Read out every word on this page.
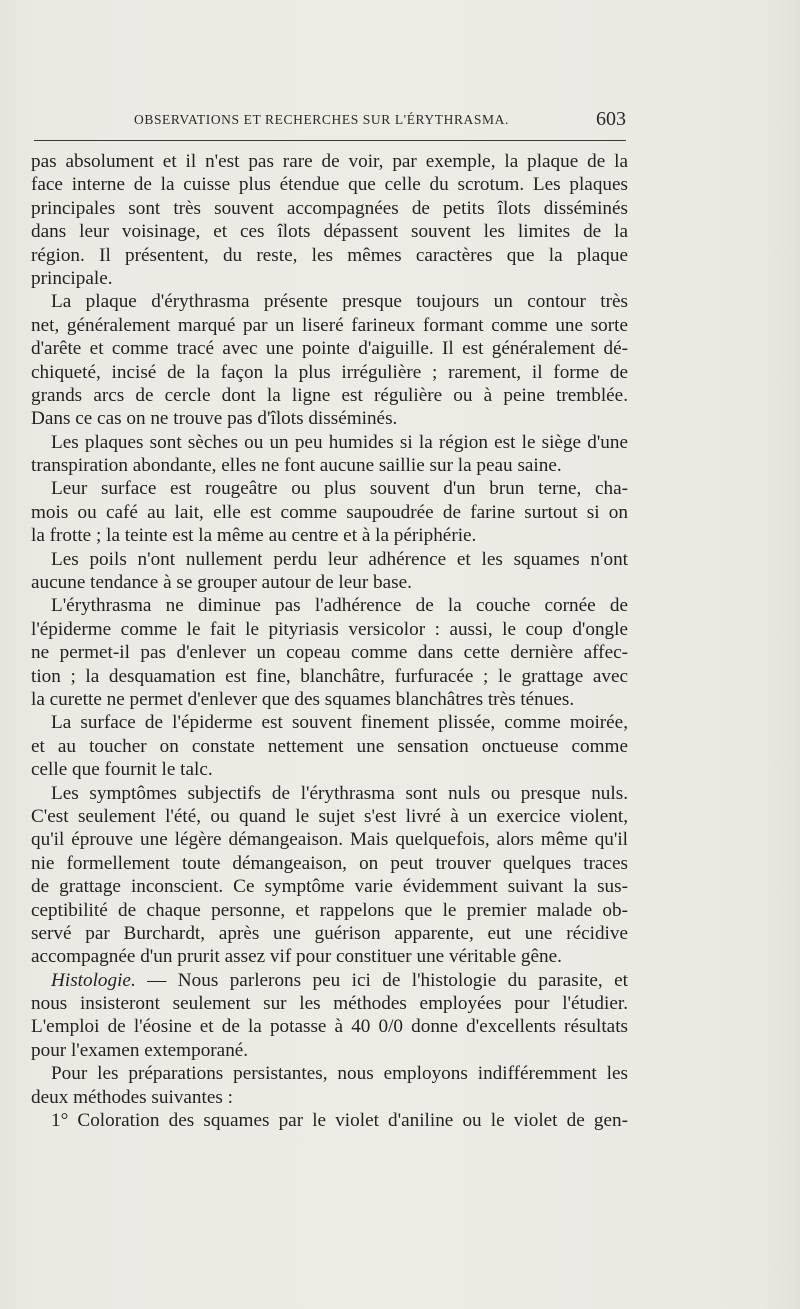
OBSERVATIONS ET RECHERCHES SUR L'ÉRYTHRASMA.	603
pas absolument et il n'est pas rare de voir, par exemple, la plaque de la
face interne de la cuisse plus étendue que celle du scrotum. Les plaques
principales sont très souvent accompagnées de petits îlots disséminés
dans leur voisinage, et ces îlots dépassent souvent les limites de la
région. Il présentent, du reste, les mêmes caractères que la plaque
principale.
La plaque d'érythrasma présente presque toujours un contour très
net, généralement marqué par un liseré farineux formant comme une sorte
d'arête et comme tracé avec une pointe d'aiguille. Il est généralement dé-
chiqueté, incisé de la façon la plus irrégulière ; rarement, il forme de
grands arcs de cercle dont la ligne est régulière ou à peine tremblée.
Dans ce cas on ne trouve pas d'îlots disséminés.
Les plaques sont sèches ou un peu humides si la région est le siège d'une
transpiration abondante, elles ne font aucune saillie sur la peau saine.
Leur surface est rougeâtre ou plus souvent d'un brun terne, cha-
mois ou café au lait, elle est comme saupoudrée de farine surtout si on
la frotte ; la teinte est la même au centre et à la périphérie.
Les poils n'ont nullement perdu leur adhérence et les squames n'ont
aucune tendance à se grouper autour de leur base.
L'érythrasma ne diminue pas l'adhérence de la couche cornée de
l'épiderme comme le fait le pityriasis versicolor : aussi, le coup d'ongle
ne permet-il pas d'enlever un copeau comme dans cette dernière affec-
tion ; la desquamation est fine, blanchâtre, furfuracée ; le grattage avec
la curette ne permet d'enlever que des squames blanchâtres très ténues.
La surface de l'épiderme est souvent finement plissée, comme moirée,
et au toucher on constate nettement une sensation onctueuse comme
celle que fournit le talc.
Les symptômes subjectifs de l'érythrasma sont nuls ou presque nuls.
C'est seulement l'été, ou quand le sujet s'est livré à un exercice violent,
qu'il éprouve une légère démangeaison. Mais quelquefois, alors même qu'il
nie formellement toute démangeaison, on peut trouver quelques traces
de grattage inconscient. Ce symptôme varie évidemment suivant la sus-
ceptibilité de chaque personne, et rappelons que le premier malade ob-
servé par Burchardt, après une guérison apparente, eut une récidive
accompagnée d'un prurit assez vif pour constituer une véritable gêne.
Histologie. — Nous parlerons peu ici de l'histologie du parasite, et
nous insisteront seulement sur les méthodes employées pour l'étudier.
L'emploi de l'éosine et de la potasse à 40 0/0 donne d'excellents résultats
pour l'examen extemporané.
Pour les préparations persistantes, nous employons indifféremment les
deux méthodes suivantes :
1° Coloration des squames par le violet d'aniline ou le violet de gen-
